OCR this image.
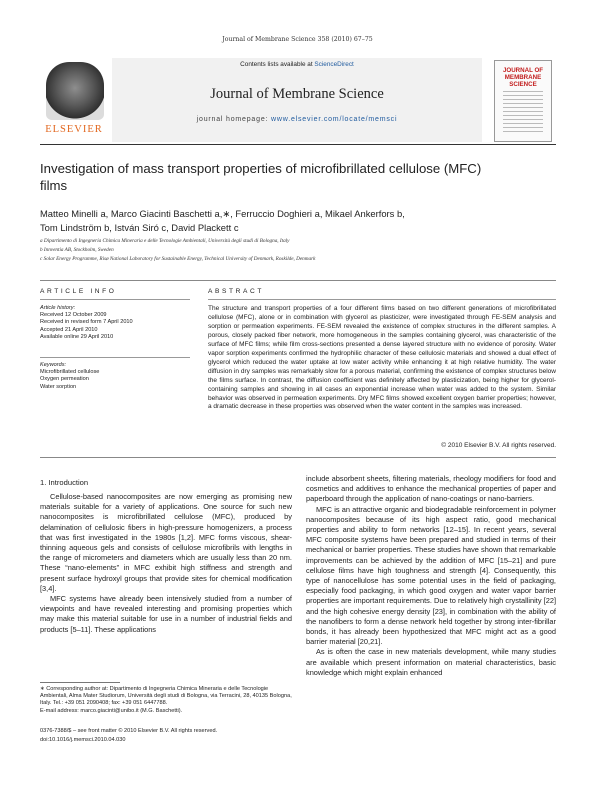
Journal of Membrane Science 358 (2010) 67–75
ELSEVIER
Contents lists available at ScienceDirect
Journal of Membrane Science
journal homepage: www.elsevier.com/locate/memsci
JOURNAL OF MEMBRANE SCIENCE
Investigation of mass transport properties of microfibrillated cellulose (MFC) films
Matteo Minelli a, Marco Giacinti Baschetti a,∗, Ferruccio Doghieri a, Mikael Ankerfors b,
Tom Lindström b, István Siró c, David Plackett c
a Dipartimento di Ingegneria Chimica Mineraria e delle Tecnologie Ambientali, Università degli studi di Bologna, Italy
b Innventia AB, Stockholm, Sweden
c Solar Energy Programme, Risø National Laboratory for Sustainable Energy, Technical University of Denmark, Roskilde, Denmark
ARTICLE INFO
Article history:
Received 12 October 2009
Received in revised form 7 April 2010
Accepted 21 April 2010
Available online 29 April 2010
Keywords:
Microfibrillated cellulose
Oxygen permeation
Water sorption
ABSTRACT
The structure and transport properties of a four different films based on two different generations of microfibrillated cellulose (MFC), alone or in combination with glycerol as plasticizer, were investigated through FE-SEM analysis and sorption or permeation experiments. FE-SEM revealed the existence of complex structures in the different samples. A porous, closely packed fiber network, more homogeneous in the samples containing glycerol, was characteristic of the surface of MFC films; while film cross-sections presented a dense layered structure with no evidence of porosity. Water vapor sorption experiments confirmed the hydrophilic character of these cellulosic materials and showed a dual effect of glycerol which reduced the water uptake at low water activity while enhancing it at high relative humidity. The water diffusion in dry samples was remarkably slow for a porous material, confirming the existence of complex structures below the films surface. In contrast, the diffusion coefficient was definitely affected by plasticization, being higher for glycerol-containing samples and showing in all cases an exponential increase when water was added to the system. Similar behavior was observed in permeation experiments. Dry MFC films showed excellent oxygen barrier properties; however, a dramatic decrease in these properties was observed when the water content in the samples was increased.
© 2010 Elsevier B.V. All rights reserved.
1. Introduction

Cellulose-based nanocomposites are now emerging as promising new materials suitable for a variety of applications. One source for such new nanocomposites is microfibrillated cellulose (MFC), produced by delamination of cellulosic fibers in high-pressure homogenizers, a process that was first investigated in the 1980s [1,2]. MFC forms viscous, shear-thinning aqueous gels and consists of cellulose microfibrils with lengths in the range of micrometers and diameters which are usually less than 20 nm. These “nano-elements” in MFC exhibit high stiffness and strength and present surface hydroxyl groups that provide sites for chemical modification [3,4].

MFC systems have already been intensively studied from a number of viewpoints and have revealed interesting and promising properties which may make this material suitable for use in a number of industrial fields and products [5–11]. These applications

include absorbent sheets, filtering materials, rheology modifiers for food and cosmetics and additives to enhance the mechanical properties of paper and paperboard through the application of nano-coatings or nano-barriers.

MFC is an attractive organic and biodegradable reinforcement in polymer nanocomposites because of its high aspect ratio, good mechanical properties and ability to form networks [12–15]. In recent years, several MFC composite systems have been prepared and studied in terms of their mechanical or barrier properties. These studies have shown that remarkable improvements can be achieved by the addition of MFC [15–21] and pure cellulose films have high toughness and strength [4]. Consequently, this type of nanocellulose has some potential uses in the field of packaging, especially food packaging, in which good oxygen and water vapor barrier properties are important requirements. Due to relatively high crystallinity [22] and the high cohesive energy density [23], in combination with the ability of the nanofibers to form a dense network held together by strong inter-fibrillar bonds, it has already been hypothesized that MFC might act as a good barrier material [20,21].

As is often the case in new materials development, while many studies are available which present information on material characteristics, basic knowledge which might explain enhanced

∗ Corresponding author at: Dipartimento di Ingegneria Chimica Mineraria e delle Tecnologie Ambientali, Alma Mater Studiorum, Università degli studi di Bologna, via Terracini, 28, 40135 Bologna, Italy. Tel.: +39 051 2090408; fax: +39 051 6447788.
E-mail address: marco.giacinti@unibo.it (M.G. Baschetti).
0376-7388/$ – see front matter © 2010 Elsevier B.V. All rights reserved.
doi:10.1016/j.memsci.2010.04.030
